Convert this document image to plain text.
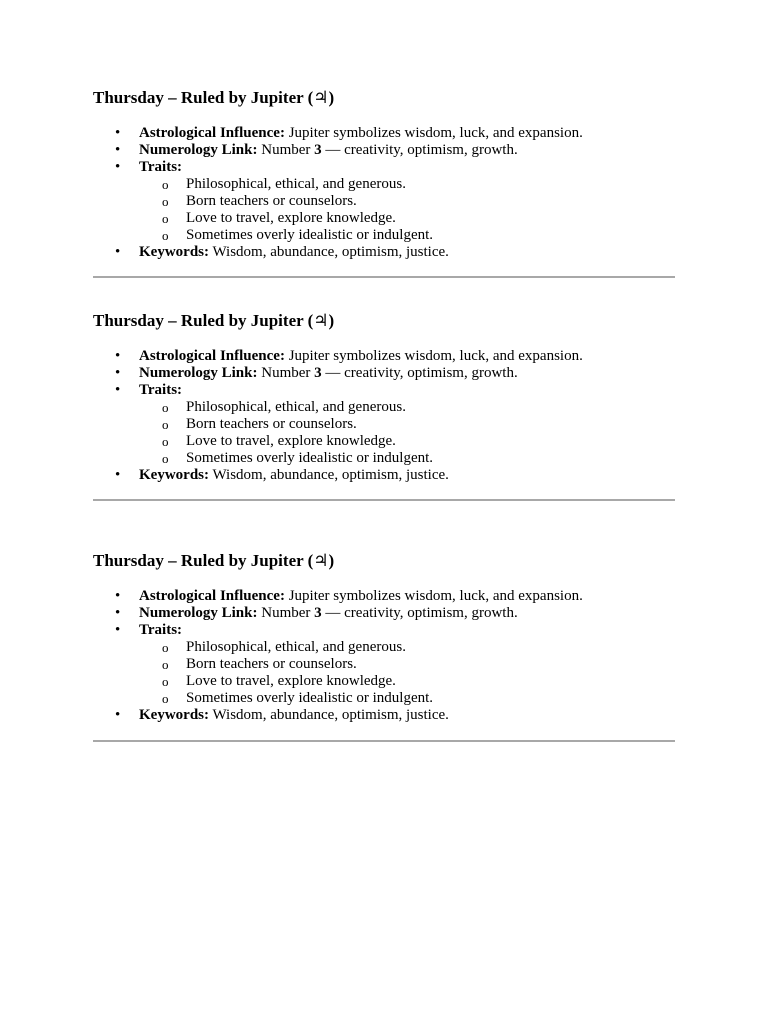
Thursday – Ruled by Jupiter (♃)
• Astrological Influence: Jupiter symbolizes wisdom, luck, and expansion.
• Numerology Link: Number 3 — creativity, optimism, growth.
• Traits:
o Philosophical, ethical, and generous.
o Born teachers or counselors.
o Love to travel, explore knowledge.
o Sometimes overly idealistic or indulgent.
• Keywords: Wisdom, abundance, optimism, justice.
Thursday – Ruled by Jupiter (♃)
• Astrological Influence: Jupiter symbolizes wisdom, luck, and expansion.
• Numerology Link: Number 3 — creativity, optimism, growth.
• Traits:
o Philosophical, ethical, and generous.
o Born teachers or counselors.
o Love to travel, explore knowledge.
o Sometimes overly idealistic or indulgent.
• Keywords: Wisdom, abundance, optimism, justice.
Thursday – Ruled by Jupiter (♃)
• Astrological Influence: Jupiter symbolizes wisdom, luck, and expansion.
• Numerology Link: Number 3 — creativity, optimism, growth.
• Traits:
o Philosophical, ethical, and generous.
o Born teachers or counselors.
o Love to travel, explore knowledge.
o Sometimes overly idealistic or indulgent.
• Keywords: Wisdom, abundance, optimism, justice.
